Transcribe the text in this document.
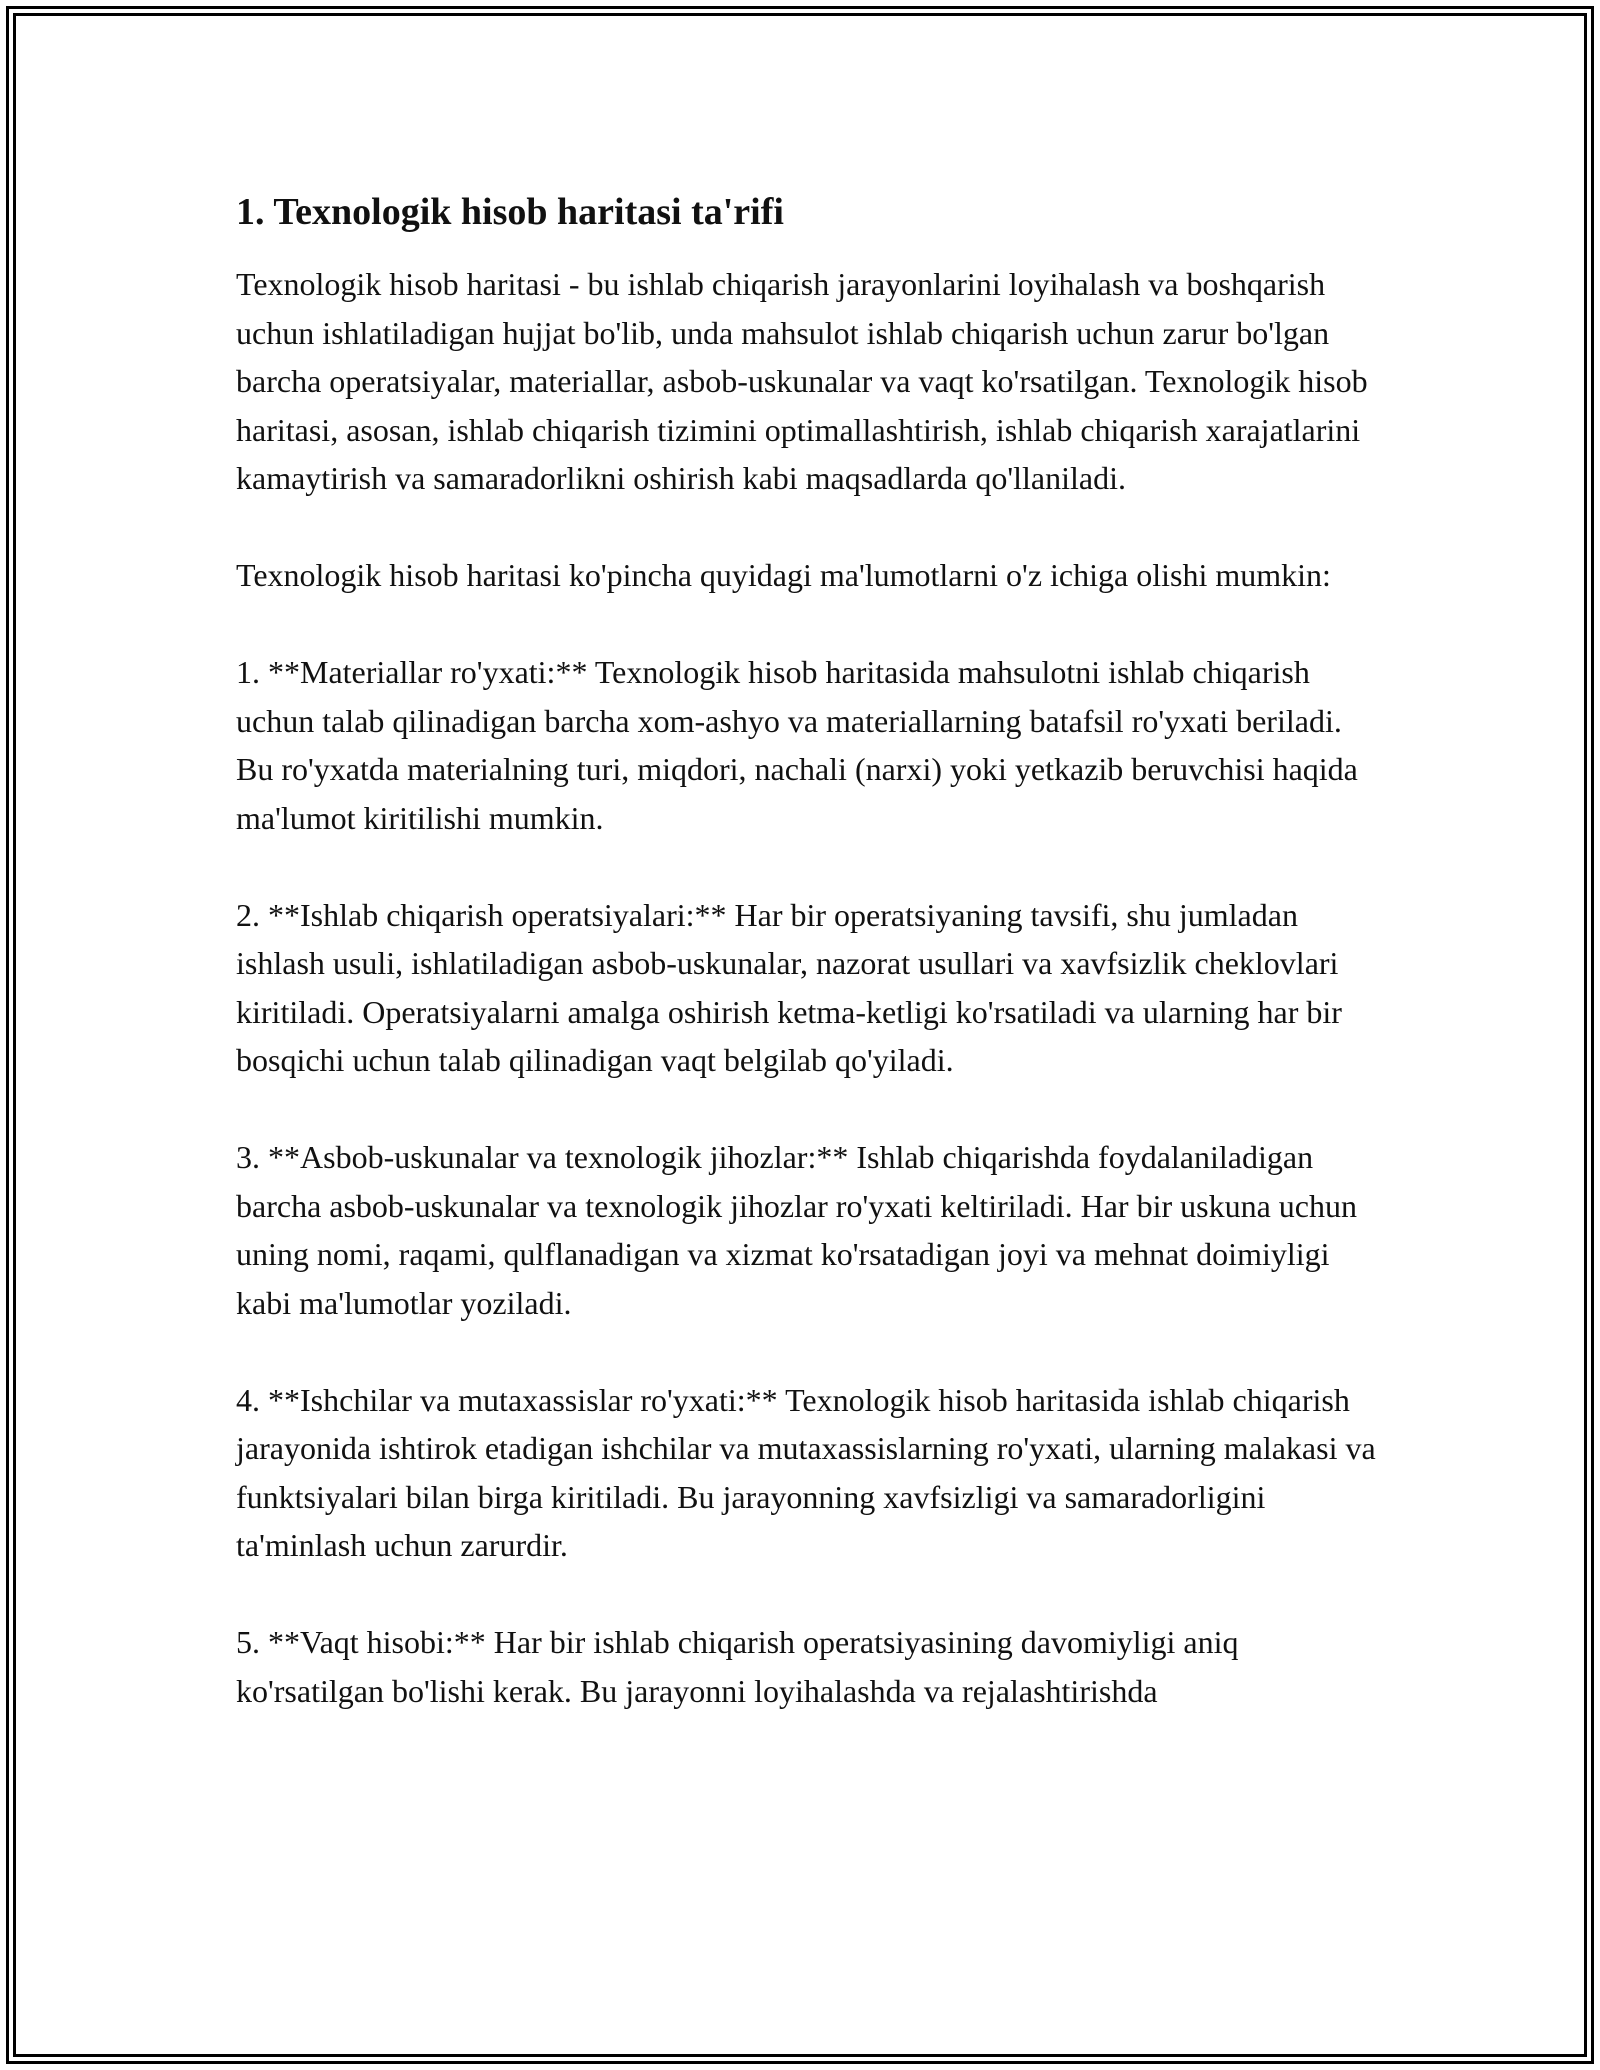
1. Texnologik hisob haritasi ta'rifi

Texnologik hisob haritasi - bu ishlab chiqarish jarayonlarini loyihalash va boshqarish uchun ishlatiladigan hujjat bo'lib, unda mahsulot ishlab chiqarish uchun zarur bo'lgan barcha operatsiyalar, materiallar, asbob-uskunalar va vaqt ko'rsatilgan. Texnologik hisob haritasi, asosan, ishlab chiqarish tizimini optimallashtirish, ishlab chiqarish xarajatlarini kamaytirish va samaradorlikni oshirish kabi maqsadlarda qo'llaniladi.

Texnologik hisob haritasi ko'pincha quyidagi ma'lumotlarni o'z ichiga olishi mumkin:

1. **Materiallar ro'yxati:** Texnologik hisob haritasida mahsulotni ishlab chiqarish uchun talab qilinadigan barcha xom-ashyo va materiallarning batafsil ro'yxati beriladi. Bu ro'yxatda materialning turi, miqdori, nachali (narxi) yoki yetkazib beruvchisi haqida ma'lumot kiritilishi mumkin.

2. **Ishlab chiqarish operatsiyalari:** Har bir operatsiyaning tavsifi, shu jumladan ishlash usuli, ishlatiladigan asbob-uskunalar, nazorat usullari va xavfsizlik cheklovlari kiritiladi. Operatsiyalarni amalga oshirish ketma-ketligi ko'rsatiladi va ularning har bir bosqichi uchun talab qilinadigan vaqt belgilab qo'yiladi.

3. **Asbob-uskunalar va texnologik jihozlar:** Ishlab chiqarishda foydalaniladigan barcha asbob-uskunalar va texnologik jihozlar ro'yxati keltiriladi. Har bir uskuna uchun uning nomi, raqami, qulflanadigan va xizmat ko'rsatadigan joyi va mehnat doimiyligi kabi ma'lumotlar yoziladi.

4. **Ishchilar va mutaxassislar ro'yxati:** Texnologik hisob haritasida ishlab chiqarish jarayonida ishtirok etadigan ishchilar va mutaxassislarning ro'yxati, ularning malakasi va funktsiyalari bilan birga kiritiladi. Bu jarayonning xavfsizligi va samaradorligini ta'minlash uchun zarurdir.

5. **Vaqt hisobi:** Har bir ishlab chiqarish operatsiyasining davomiyligi aniq ko'rsatilgan bo'lishi kerak. Bu jarayonni loyihalashda va rejalashtirishda
